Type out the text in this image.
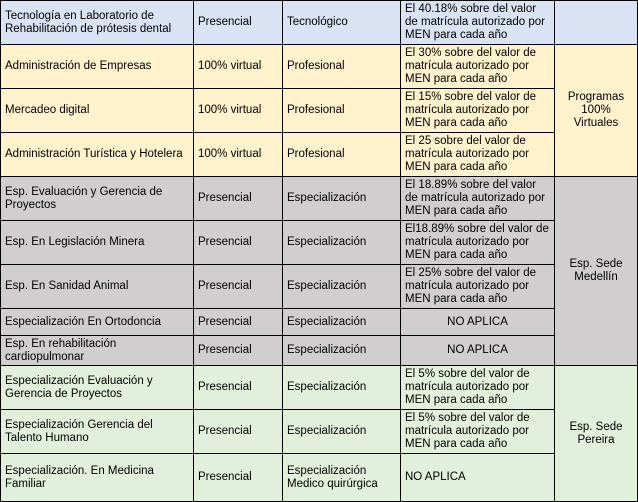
Tecnología en Laboratorio de Rehabilitación de prótesis dental	Presencial	Tecnológico	El 40.18% sobre del valor de matrícula autorizado por MEN para cada año	
Administración de Empresas	100% virtual	Profesional	El 30% sobre del valor de matrícula autorizado por MEN para cada año	Programas 100% Virtuales
Mercadeo digital	100% virtual	Profesional	El 15% sobre del valor de matrícula autorizado por MEN para cada año	
Administración Turística y Hotelera	100% virtual	Profesional	El 25 sobre del valor de matrícula autorizado por MEN para cada año	
Esp. Evaluación y Gerencia de Proyectos	Presencial	Especialización	El 18.89% sobre del valor de matrícula autorizado por MEN para cada año	Esp. Sede Medellín
Esp. En Legislación Minera	Presencial	Especialización	El18.89% sobre del valor de matrícula autorizado por MEN para cada año	
Esp. En Sanidad Animal	Presencial	Especialización	El 25% sobre del valor de matrícula autorizado por MEN para cada año	
Especialización En Ortodoncia	Presencial	Especialización	NO APLICA	
Esp. En rehabilitación cardiopulmonar	Presencial	Especialización	NO APLICA	
Especialización Evaluación y Gerencia de Proyectos	Presencial	Especialización	El 5% sobre del valor de matrícula autorizado por MEN para cada año	Esp. Sede Pereira
Especialización Gerencia del Talento Humano	Presencial	Especialización	El 5% sobre del valor de matrícula autorizado por MEN para cada año	
Especialización. En Medicina Familiar	Presencial	Especialización Medico quirúrgica	NO APLICA	
